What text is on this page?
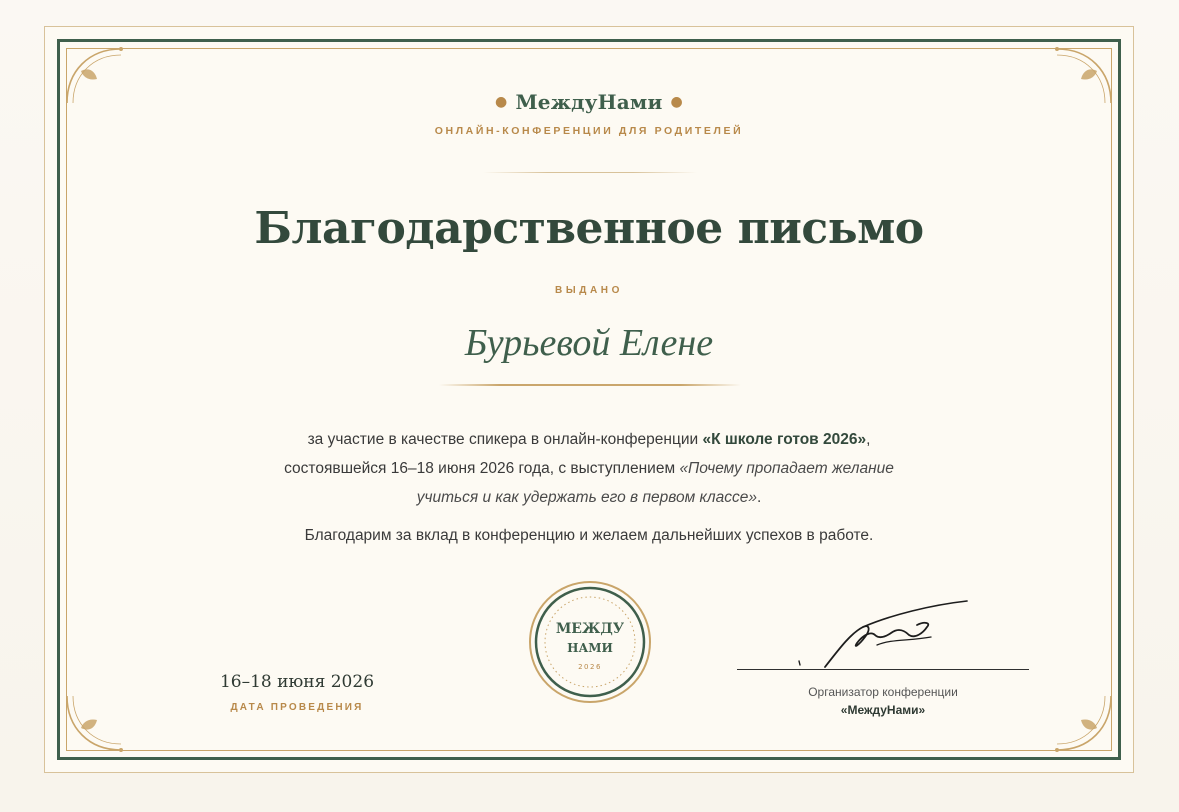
● МеждуНами ●
ОНЛАЙН-КОНФЕРЕНЦИИ ДЛЯ РОДИТЕЛЕЙ
Благодарственное письмо
ВЫДАНО
Бурьевой Елене
за участие в качестве спикера в онлайн-конференции «К школе готов 2026»,
состоявшейся 16–18 июня 2026 года, с выступлением «Почему пропадает желание
учиться и как удержать его в первом классе».
Благодарим за вклад в конференцию и желаем дальнейших успехов в работе.
МЕЖДУ
НАМИ
2026
16–18 июня 2026
ДАТА ПРОВЕДЕНИЯ
Организатор конференции
«МеждуНами»
